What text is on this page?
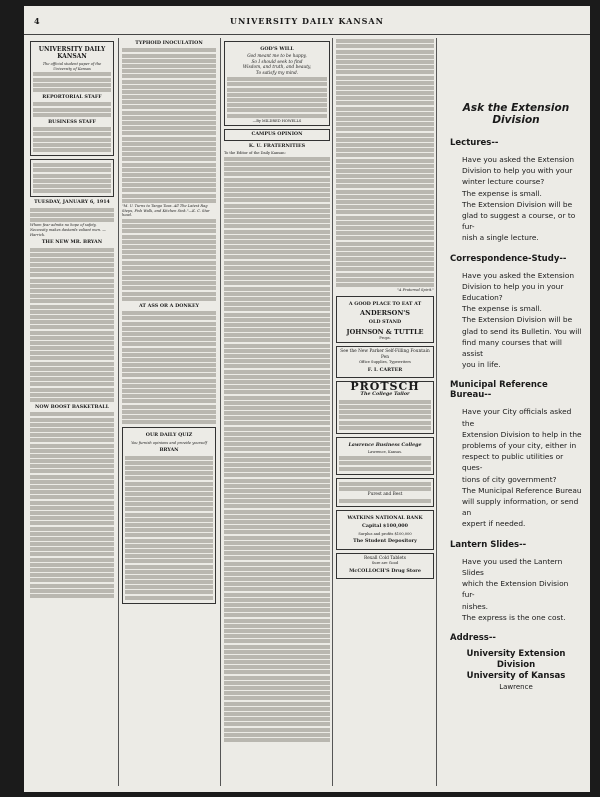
4	UNIVERSITY DAILY KANSAN
UNIVERSITY DAILY KANSAN
The official student paper of the University of Kansas
REPORTORIAL STAFF
BUSINESS STAFF
TUESDAY, JANUARY 6, 1914
Whom fear admits no hope of safety, Necessity makes dastards valiant men. —Harrick.
THE NEW MR. BRYAN
NOW BOOST BASKETBALL
TYPHOID INOCULATION
"M. U. Turns to Tango Teas. All The Latest Rag Steps, Fish Walk, and Kitchen Sink."—K. C. Star head.
AT ASS OR A DONKEY
OUR DAILY QUIZ
You furnish opinions and provide yourself
BRYAN
GOD'S WILL
God meant me to be happy,
So I should seek to find
Wisdom, and truth, and beauty,
To satisfy my mind.
—By MILDRED HOWELLS
CAMPUS OPINION
K. U. FRATERNITIES
To the Editor of the Daily Kansan:
"A Fraternal Spirit."
A GOOD PLACE TO EAT AT
ANDERSON'S
OLD STAND
JOHNSON & TUTTLE
Props.
See the New Parker Self-Filling Fountain Pen
Office Supplies, Typewriters
F. I. CARTER
PROTSCH
The College Tailor
Lawrence Business College
Lawrence, Kansas.
Purest and Best
WATKINS NATIONAL BANK
Capital $100,000
Surplus and profits $100,000
The Student Depository
Rexall Cold Tablets
Sure are Good
McCOLLOCH'S Drug Store
Ask the Extension Division
Lectures--

Have you asked the Extension

Division to help you with your

winter lecture course?

The expense is small.

The Extension Division will be

glad to suggest a course, or to fur-

nish a single lecture.

Correspondence-Study--

Have you asked the Extension

Division to help you in your Education?

The expense is small.

The Extension Division will be

glad to send its Bulletin. You will

find many courses that will assist

you in life.

Municipal Reference Bureau--

Have your City officials asked the

Extension Division to help in the

problems of your city, either in

respect to public utilities or ques-

tions of city government?

The Municipal Reference Bureau

will supply information, or send an

expert if needed.

Lantern Slides--

Have you used the Lantern Slides

which the Extension Division fur-

nishes.

The express is the one cost.

Address--
University Extension Division
University of Kansas
Lawrence
